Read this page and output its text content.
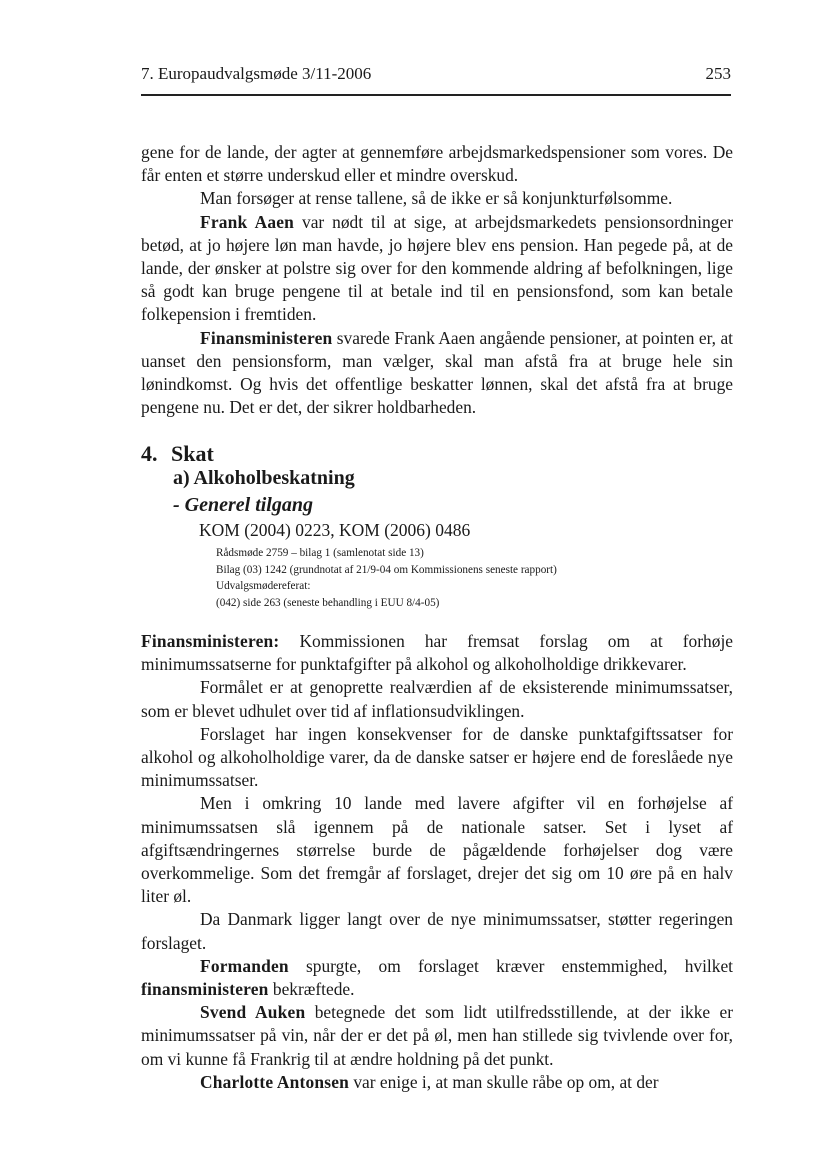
7. Europaudvalgsmøde 3/11-2006	253

gene for de lande, der agter at gennemføre arbejdsmarkedspensioner som vores. De får enten et større underskud eller et mindre overskud.

Man forsøger at rense tallene, så de ikke er så konjunkturfølsomme.

Frank Aaen var nødt til at sige, at arbejdsmarkedets pensionsordninger betød, at jo højere løn man havde, jo højere blev ens pension. Han pegede på, at de lande, der ønsker at polstre sig over for den kommende aldring af befolkningen, lige så godt kan bruge pengene til at betale ind til en pensionsfond, som kan betale folkepension i fremtiden.

Finansministeren svarede Frank Aaen angående pensioner, at pointen er, at uanset den pensionsform, man vælger, skal man afstå fra at bruge hele sin lønindkomst. Og hvis det offentlige beskatter lønnen, skal det afstå fra at bruge pengene nu. Det er det, der sikrer holdbarheden.

4. Skat
a) Alkoholbeskatning
- Generel tilgang
KOM (2004) 0223, KOM (2006) 0486
Rådsmøde 2759 – bilag 1 (samlenotat side 13)
Bilag (03) 1242 (grundnotat af 21/9-04 om Kommissionens seneste rapport)
Udvalgsmødereferat:
(042) side 263 (seneste behandling i EUU 8/4-05)

Finansministeren: Kommissionen har fremsat forslag om at forhøje minimumssatserne for punktafgifter på alkohol og alkoholholdige drikkevarer.

Formålet er at genoprette realværdien af de eksisterende minimumssatser, som er blevet udhulet over tid af inflationsudviklingen.

Forslaget har ingen konsekvenser for de danske punktafgiftssatser for alkohol og alkoholholdige varer, da de danske satser er højere end de foreslåede nye minimumssatser.

Men i omkring 10 lande med lavere afgifter vil en forhøjelse af minimumssatsen slå igennem på de nationale satser. Set i lyset af afgiftsændringernes størrelse burde de pågældende forhøjelser dog være overkommelige. Som det fremgår af forslaget, drejer det sig om 10 øre på en halv liter øl.

Da Danmark ligger langt over de nye minimumssatser, støtter regeringen forslaget.

Formanden spurgte, om forslaget kræver enstemmighed, hvilket finansministeren bekræftede.

Svend Auken betegnede det som lidt utilfredsstillende, at der ikke er minimumssatser på vin, når der er det på øl, men han stillede sig tvivlende over for, om vi kunne få Frankrig til at ændre holdning på det punkt.

Charlotte Antonsen var enige i, at man skulle råbe op om, at der
